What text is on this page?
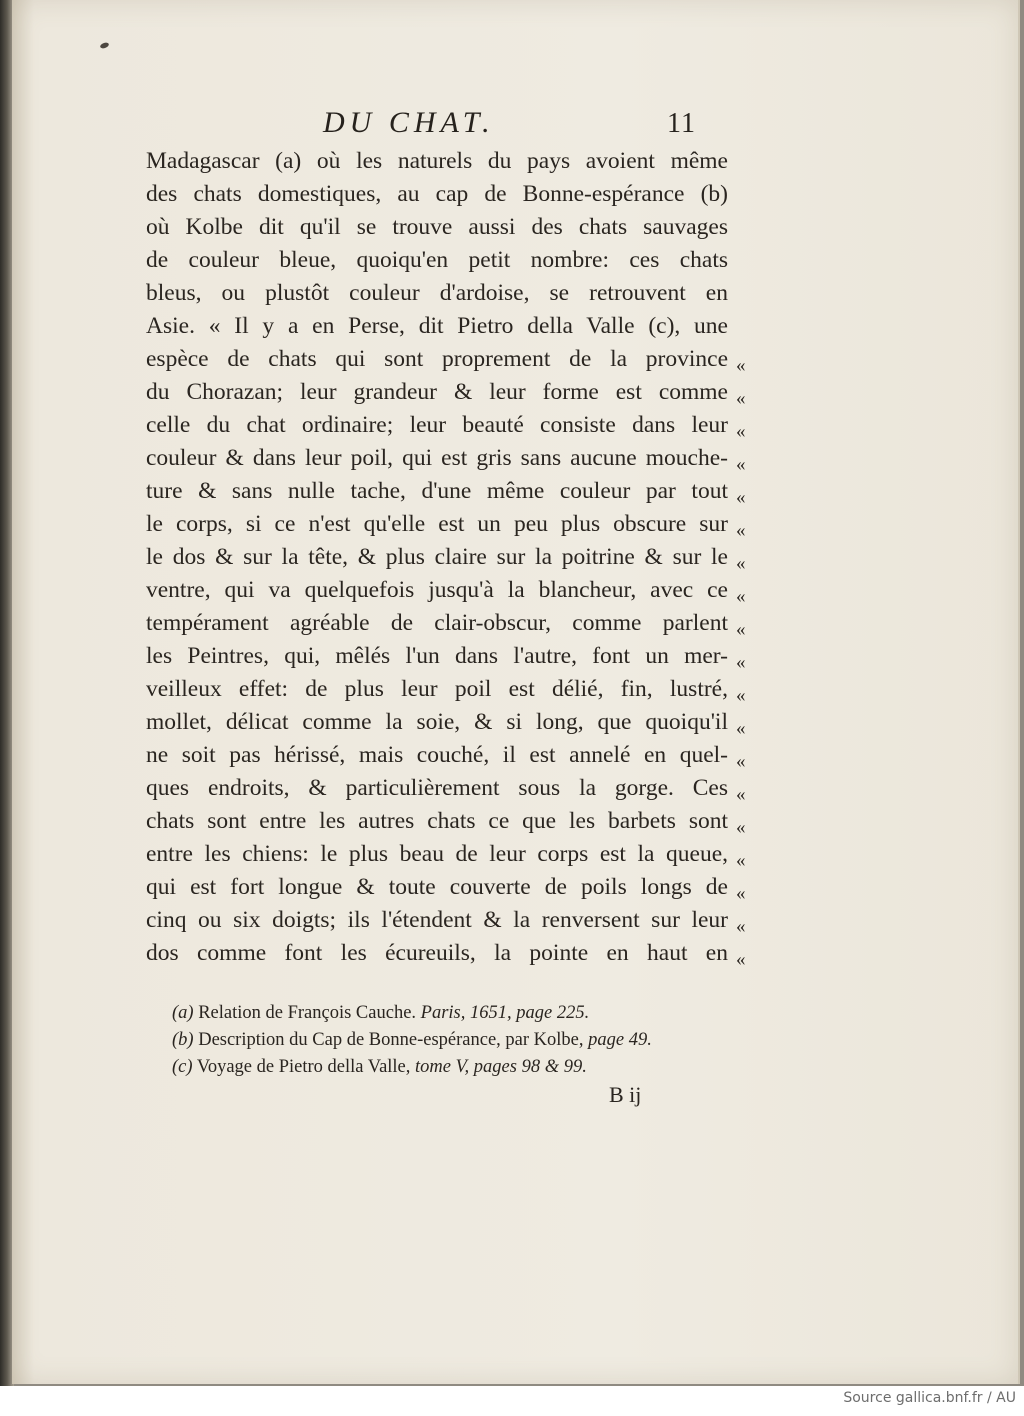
DU CHAT.	11
Madagascar (a) où les naturels du pays avoient même
des chats domestiques, au cap de Bonne-espérance (b)
où Kolbe dit qu'il se trouve aussi des chats sauvages
de couleur bleue, quoiqu'en petit nombre: ces chats
bleus, ou plustôt couleur d'ardoise, se retrouvent en
Asie. « Il y a en Perse, dit Pietro della Valle (c), une
espèce de chats qui sont proprement de la province
du Chorazan; leur grandeur & leur forme est comme
celle du chat ordinaire; leur beauté consiste dans leur
couleur & dans leur poil, qui est gris sans aucune mouche-
ture & sans nulle tache, d'une même couleur par tout
le corps, si ce n'est qu'elle est un peu plus obscure sur
le dos & sur la tête, & plus claire sur la poitrine & sur le
ventre, qui va quelquefois jusqu'à la blancheur, avec ce
tempérament agréable de clair-obscur, comme parlent
les Peintres, qui, mêlés l'un dans l'autre, font un mer-
veilleux effet: de plus leur poil est délié, fin, lustré,
mollet, délicat comme la soie, & si long, que quoiqu'il
ne soit pas hérissé, mais couché, il est annelé en quel-
ques endroits, & particulièrement sous la gorge. Ces
chats sont entre les autres chats ce que les barbets sont
entre les chiens: le plus beau de leur corps est la queue,
qui est fort longue & toute couverte de poils longs de
cinq ou six doigts; ils l'étendent & la renversent sur leur
dos comme font les écureuils, la pointe en haut en
«
«
«
«
«
«
«
«
«
«
«
«
«
«
«
«
«
«
«
(a) Relation de François Cauche. Paris, 1651, page 225.
(b) Description du Cap de Bonne-espérance, par Kolbe, page 49.
(c) Voyage de Pietro della Valle, tome V, pages 98 & 99.
B ij
Source gallica.bnf.fr / AU
